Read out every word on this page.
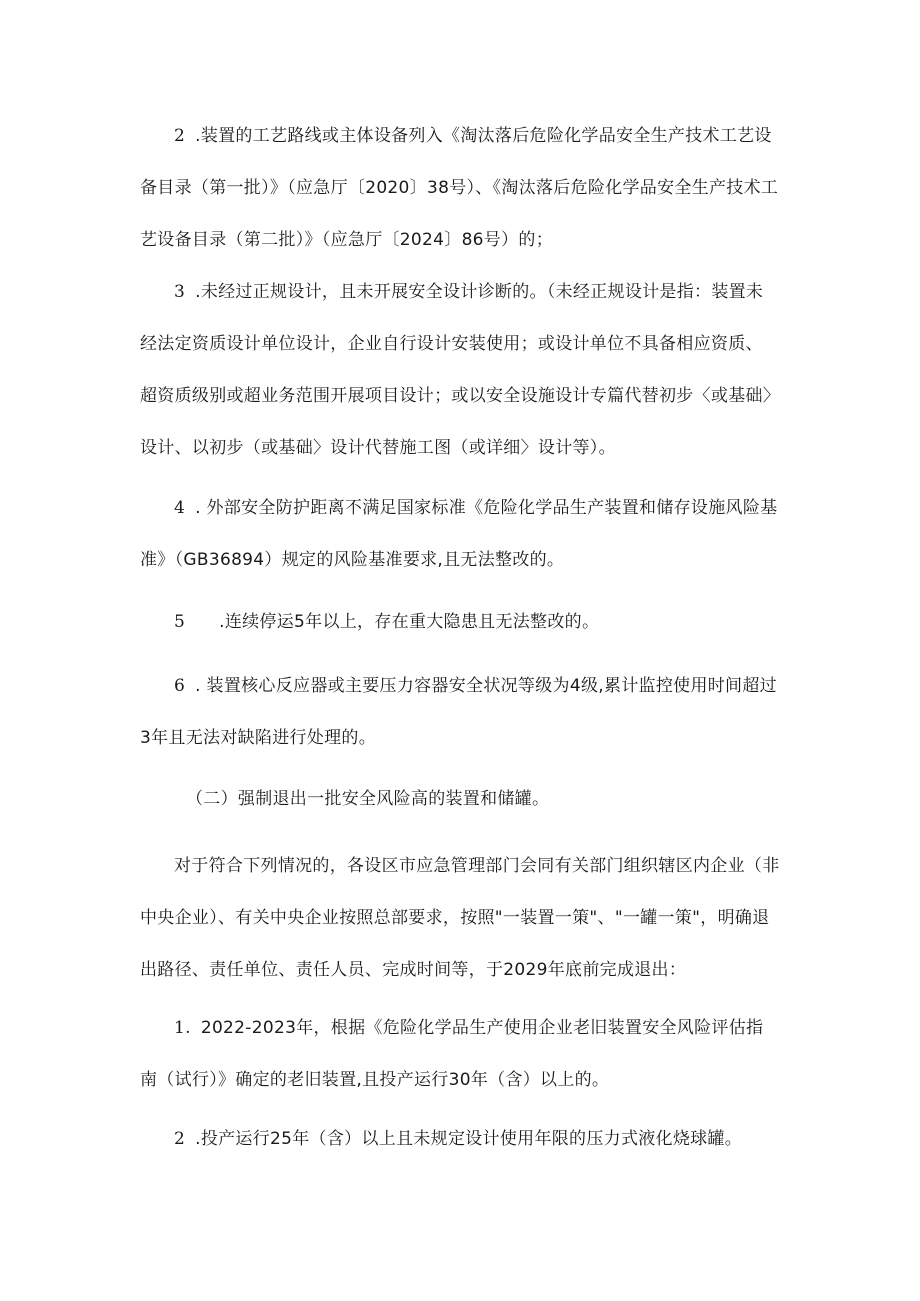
2 .装置的工艺路线或主体设备列入《淘汰落后危险化学品安全生产技术工艺设备目录（第一批）》（应急厅〔2020〕38号）、《淘汰落后危险化学品安全生产技术工艺设备目录（第二批）》（应急厅〔2024〕86号）的；

3 .未经过正规设计，且未开展安全设计诊断的。（未经正规设计是指：装置未经法定资质设计单位设计，企业自行设计安装使用；或设计单位不具备相应资质、超资质级别或超业务范围开展项目设计；或以安全设施设计专篇代替初步〈或基础〉设计、以初步（或基础〉设计代替施工图（或详细〉设计等）。

4 . 外部安全防护距离不满足国家标准《危险化学品生产装置和储存设施风险基准》（GB36894）规定的风险基准要求,且无法整改的。

5 .连续停运5年以上，存在重大隐患且无法整改的。

6 . 装置核心反应器或主要压力容器安全状况等级为4级,累计监控使用时间超过3年且无法对缺陷进行处理的。

（二）强制退出一批安全风险高的装置和储罐。

对于符合下列情况的，各设区市应急管理部门会同有关部门组织辖区内企业（非中央企业）、有关中央企业按照总部要求，按照"一装置一策"、"一罐一策"，明确退出路径、责任单位、责任人员、完成时间等，于2029年底前完成退出：

1. 2022-2023年，根据《危险化学品生产使用企业老旧装置安全风险评估指南（试行）》确定的老旧装置,且投产运行30年（含）以上的。

2 .投产运行25年（含）以上且未规定设计使用年限的压力式液化烧球罐。
